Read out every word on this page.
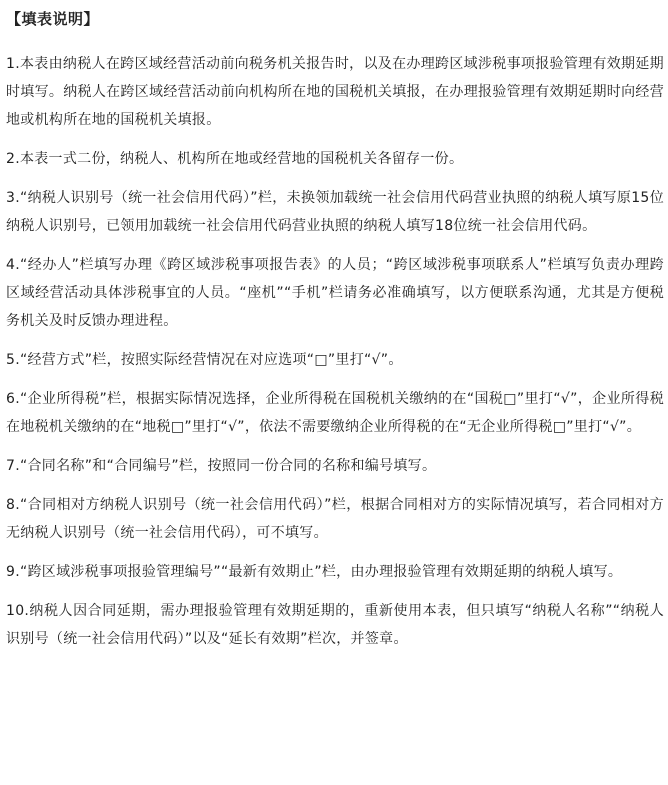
【填表说明】
1.本表由纳税人在跨区域经营活动前向税务机关报告时，以及在办理跨区域涉税事项报验管理有效期延期时填写。纳税人在跨区域经营活动前向机构所在地的国税机关填报，在办理报验管理有效期延期时向经营地或机构所在地的国税机关填报。
2.本表一式二份，纳税人、机构所在地或经营地的国税机关各留存一份。
3.“纳税人识别号（统一社会信用代码）”栏，未换领加载统一社会信用代码营业执照的纳税人填写原15位纳税人识别号，已领用加载统一社会信用代码营业执照的纳税人填写18位统一社会信用代码。
4.“经办人”栏填写办理《跨区域涉税事项报告表》的人员；“跨区域涉税事项联系人”栏填写负责办理跨区域经营活动具体涉税事宜的人员。“座机”“手机”栏请务必准确填写，以方便联系沟通，尤其是方便税务机关及时反馈办理进程。
5.“经营方式”栏，按照实际经营情况在对应选项“□”里打“√”。
6.“企业所得税”栏，根据实际情况选择，企业所得税在国税机关缴纳的在“国税□”里打“√”，企业所得税在地税机关缴纳的在“地税□”里打“√”，依法不需要缴纳企业所得税的在“无企业所得税□”里打“√”。
7.“合同名称”和“合同编号”栏，按照同一份合同的名称和编号填写。
8.“合同相对方纳税人识别号（统一社会信用代码）”栏，根据合同相对方的实际情况填写，若合同相对方无纳税人识别号（统一社会信用代码），可不填写。
9.“跨区域涉税事项报验管理编号”“最新有效期止”栏，由办理报验管理有效期延期的纳税人填写。
10.纳税人因合同延期，需办理报验管理有效期延期的，重新使用本表，但只填写“纳税人名称”“纳税人识别号（统一社会信用代码）”以及“延长有效期”栏次，并签章。
